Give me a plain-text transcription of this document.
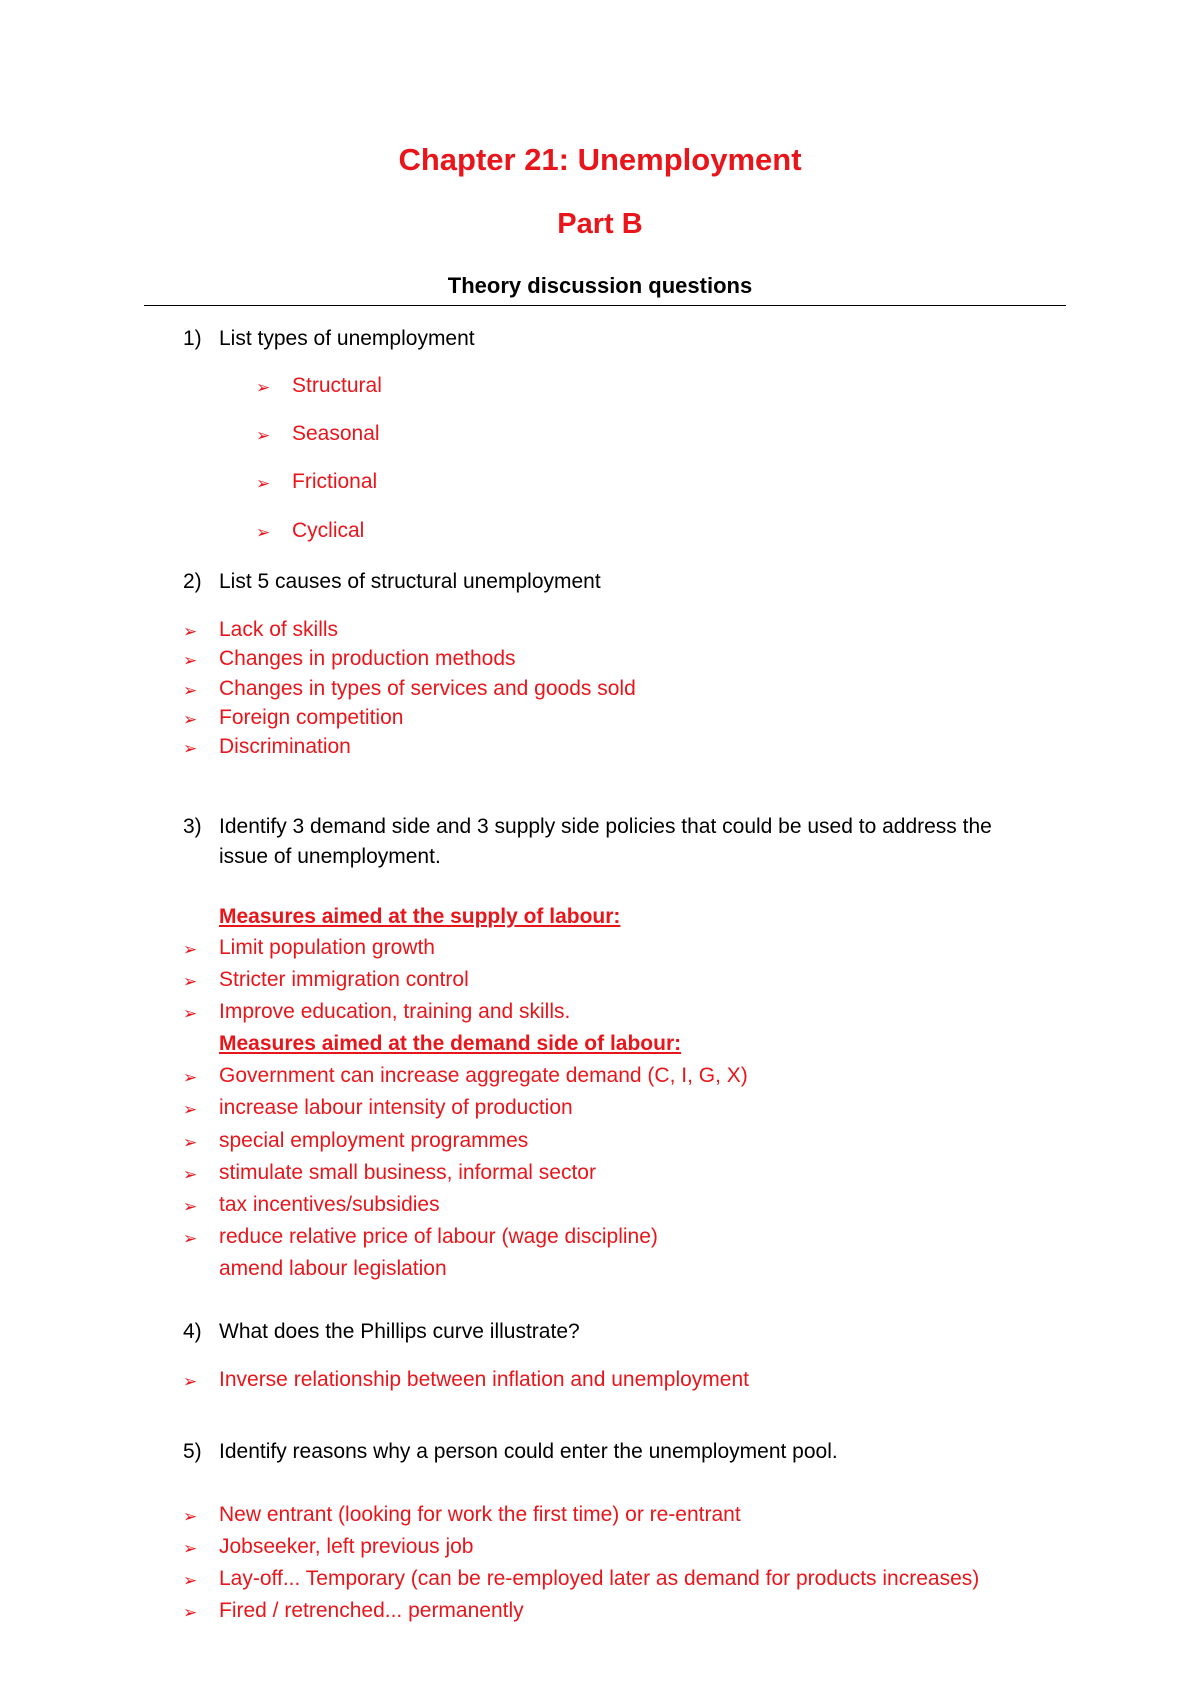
Chapter 21: Unemployment
Part B
Theory discussion questions
1) List types of unemployment
➢ Structural
➢ Seasonal
➢ Frictional
➢ Cyclical
2) List 5 causes of structural unemployment
➢ Lack of skills
➢ Changes in production methods
➢ Changes in types of services and goods sold
➢ Foreign competition
➢ Discrimination
3) Identify 3 demand side and 3 supply side policies that could be used to address the
issue of unemployment.
Measures aimed at the supply of labour:
➢ Limit population growth
➢ Stricter immigration control
➢ Improve education, training and skills.
Measures aimed at the demand side of labour:
➢ Government can increase aggregate demand (C, I, G, X)
➢ increase labour intensity of production
➢ special employment programmes
➢ stimulate small business, informal sector
➢ tax incentives/subsidies
➢ reduce relative price of labour (wage discipline)
amend labour legislation
4) What does the Phillips curve illustrate?
➢ Inverse relationship between inflation and unemployment
5) Identify reasons why a person could enter the unemployment pool.
➢ New entrant (looking for work the first time) or re-entrant
➢ Jobseeker, left previous job
➢ Lay-off... Temporary (can be re-employed later as demand for products increases)
➢ Fired / retrenched... permanently
